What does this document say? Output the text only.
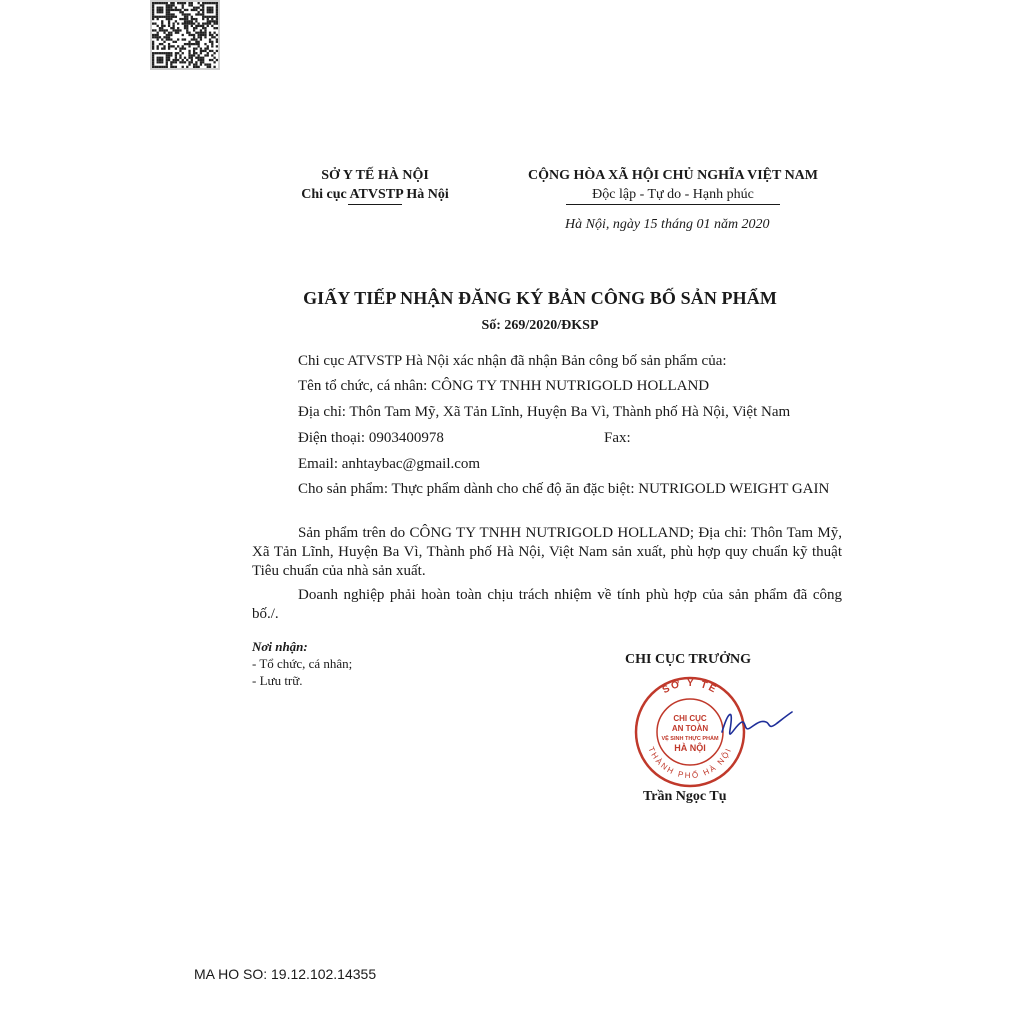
SỞ Y TẾ HÀ NỘI
Chi cục ATVSTP Hà Nội
CỘNG HÒA XÃ HỘI CHỦ NGHĨA VIỆT NAM
Độc lập - Tự do - Hạnh phúc
Hà Nội, ngày 15 tháng 01 năm 2020
GIẤY TIẾP NHẬN ĐĂNG KÝ BẢN CÔNG BỐ SẢN PHẨM
Số: 269/2020/ĐKSP
Chi cục ATVSTP Hà Nội xác nhận đã nhận Bản công bố sản phẩm của:
Tên tổ chức, cá nhân: CÔNG TY TNHH NUTRIGOLD HOLLAND
Địa chỉ: Thôn Tam Mỹ, Xã Tản Lĩnh, Huyện Ba Vì, Thành phố Hà Nội, Việt Nam
Điện thoại: 0903400978	Fax:
Email: anhtaybac@gmail.com

Cho sản phẩm: Thực phẩm dành cho chế độ ăn đặc biệt: NUTRIGOLD WEIGHT GAIN

Sản phẩm trên do CÔNG TY TNHH NUTRIGOLD HOLLAND; Địa chỉ: Thôn Tam Mỹ, Xã Tản Lĩnh, Huyện Ba Vì, Thành phố Hà Nội, Việt Nam sản xuất, phù hợp quy chuẩn kỹ thuật Tiêu chuẩn của nhà sản xuất.

Doanh nghiệp phải hoàn toàn chịu trách nhiệm về tính phù hợp của sản phẩm đã công bố./.

Nơi nhận:
- Tổ chức, cá nhân;
- Lưu trữ.
CHI CỤC TRƯỞNG
SỞ Y TẾ
THÀNH PHỐ HÀ NỘI
CHI CỤC
AN TOÀN
VỆ SINH THỰC PHẨM
HÀ NỘI
Trần Ngọc Tụ
MA HO SO: 19.12.102.14355
